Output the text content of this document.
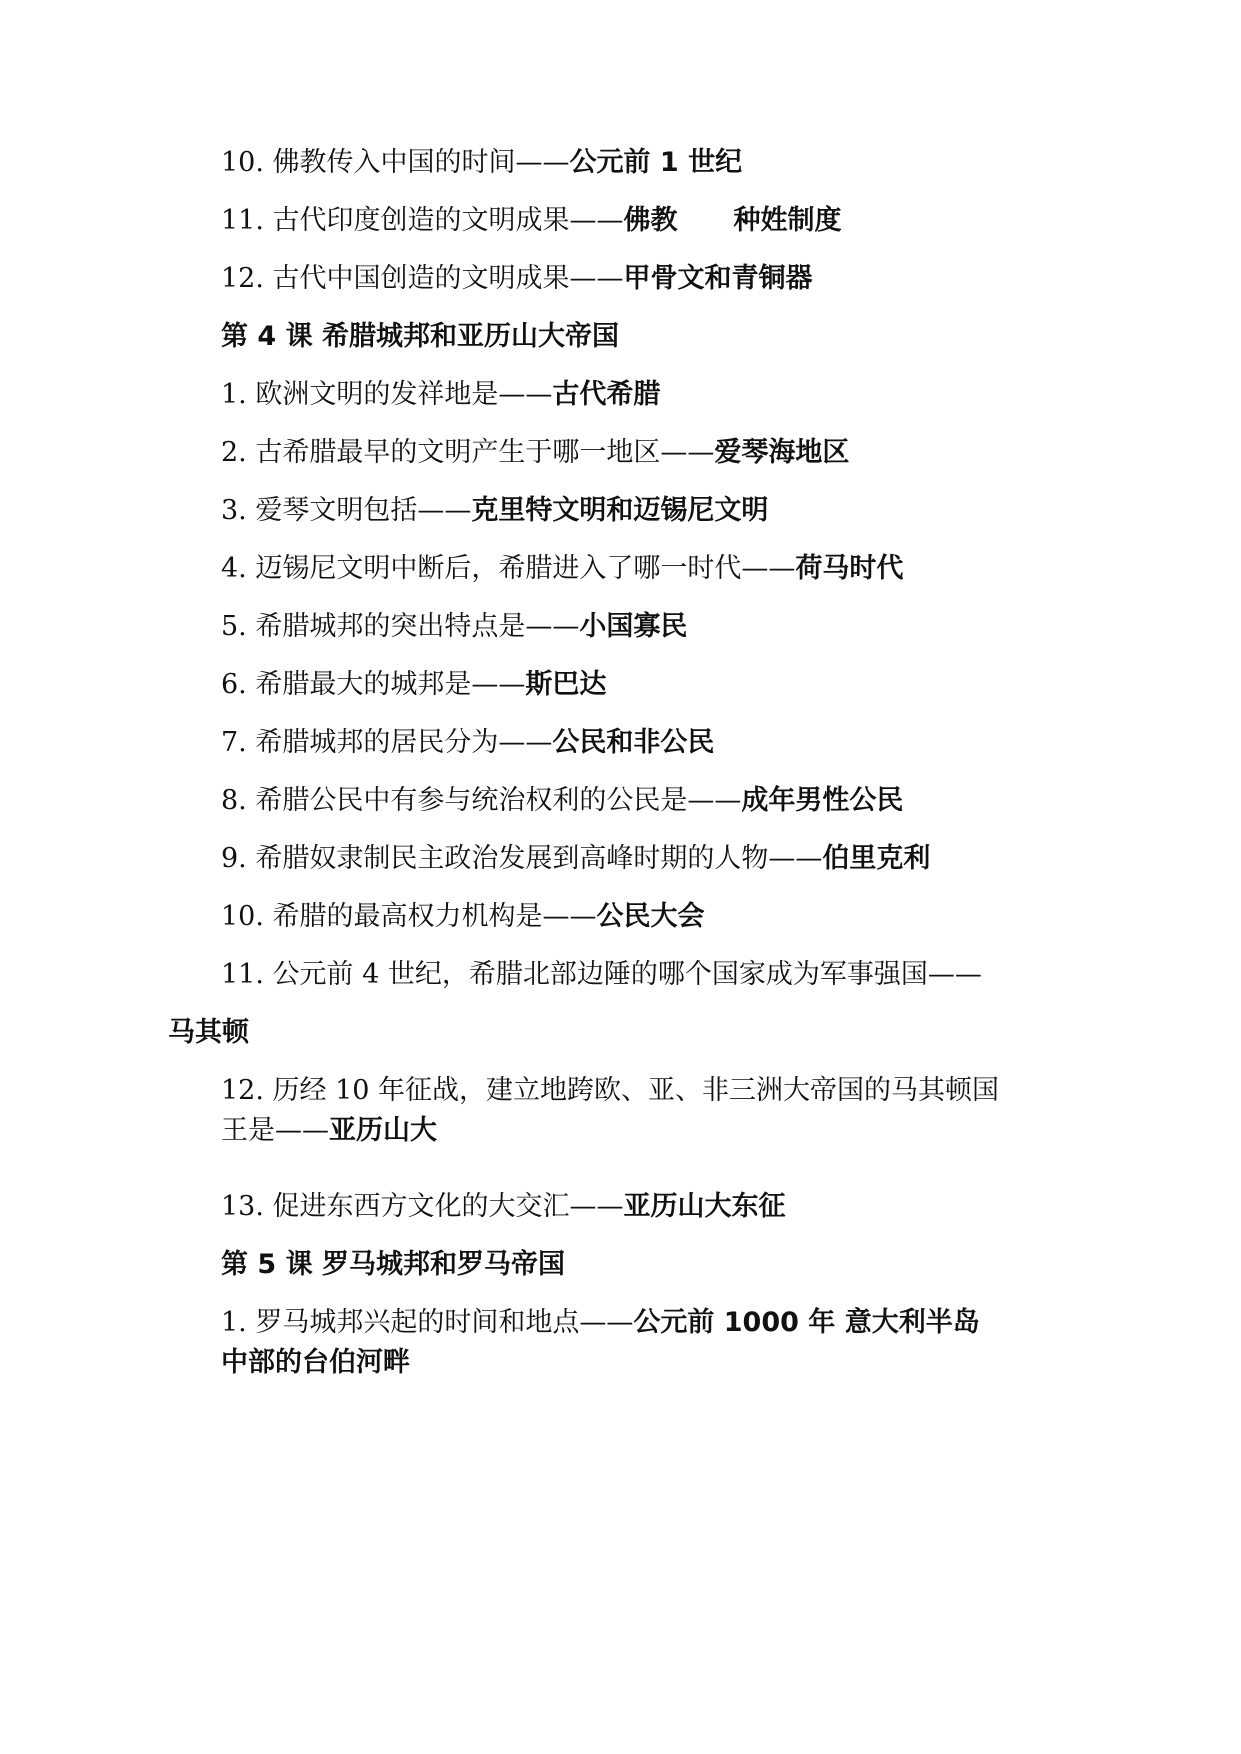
10. 佛教传入中国的时间——公元前 1 世纪
11. 古代印度创造的文明成果——佛教 种姓制度
12. 古代中国创造的文明成果——甲骨文和青铜器
第 4 课 希腊城邦和亚历山大帝国
1. 欧洲文明的发祥地是——古代希腊
2. 古希腊最早的文明产生于哪一地区——爱琴海地区
3. 爱琴文明包括——克里特文明和迈锡尼文明
4. 迈锡尼文明中断后，希腊进入了哪一时代——荷马时代
5. 希腊城邦的突出特点是——小国寡民
6. 希腊最大的城邦是——斯巴达
7. 希腊城邦的居民分为——公民和非公民
8. 希腊公民中有参与统治权利的公民是——成年男性公民
9. 希腊奴隶制民主政治发展到高峰时期的人物——伯里克利
10. 希腊的最高权力机构是——公民大会
11. 公元前 4 世纪，希腊北部边陲的哪个国家成为军事强国——
马其顿
12. 历经 10 年征战，建立地跨欧、亚、非三洲大帝国的马其顿国王是——亚历山大
13. 促进东西方文化的大交汇——亚历山大东征
第 5 课 罗马城邦和罗马帝国
1. 罗马城邦兴起的时间和地点——公元前 1000 年 意大利半岛中部的台伯河畔
